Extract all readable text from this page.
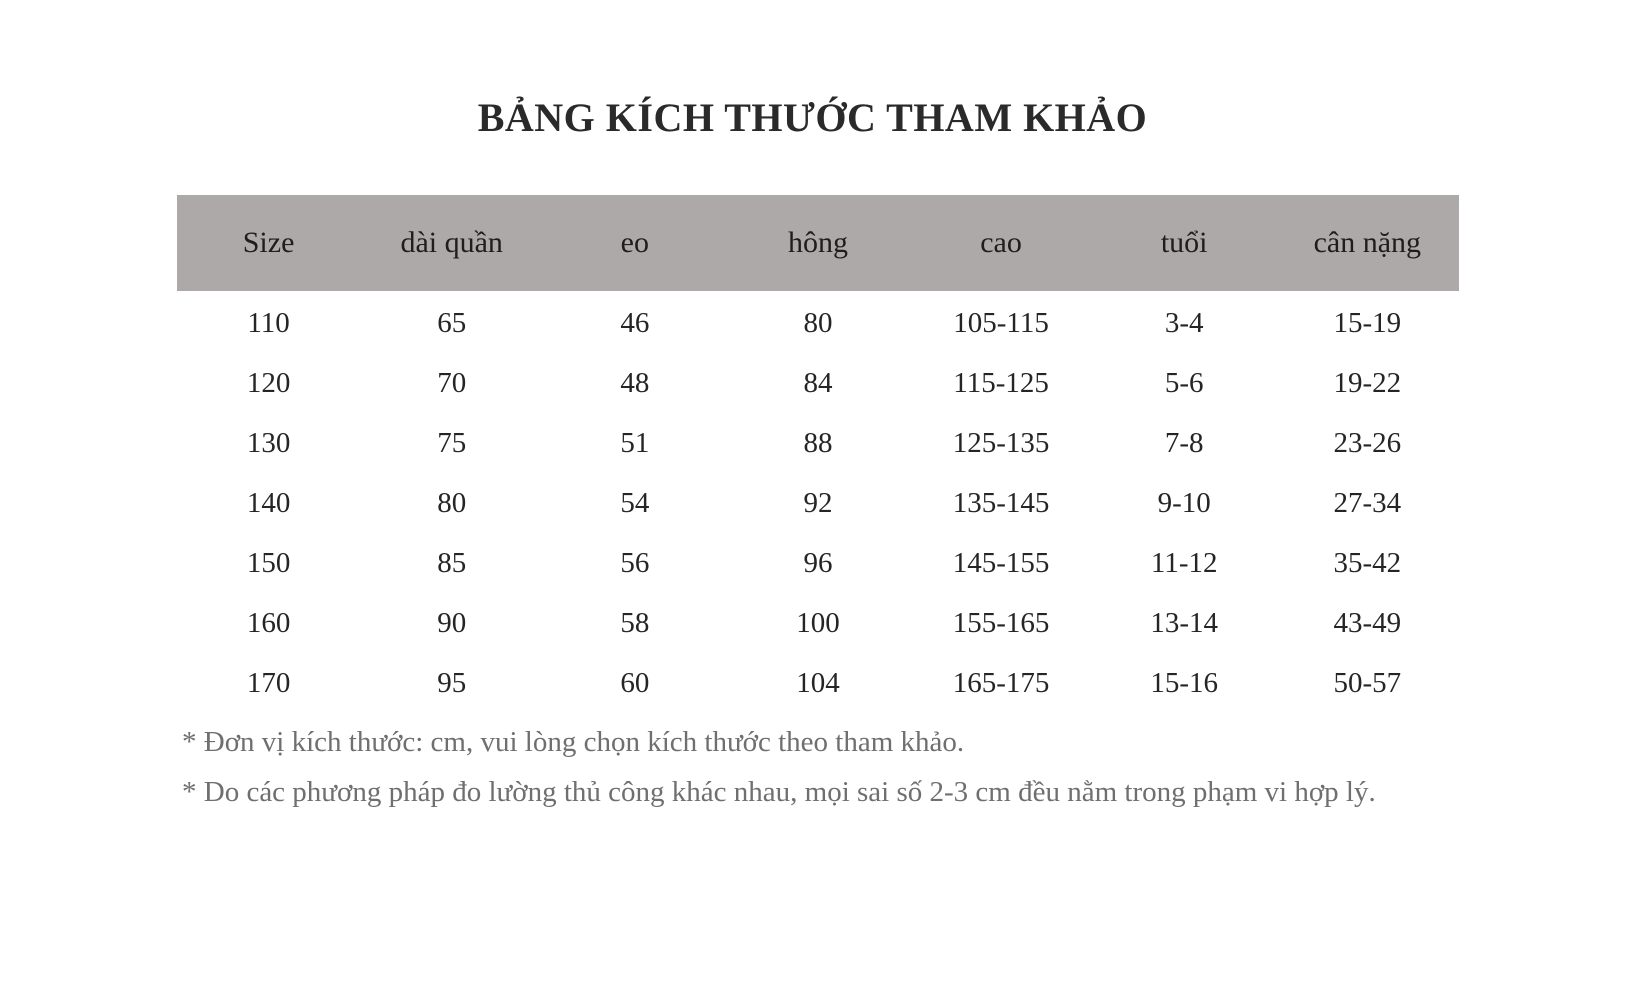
BẢNG KÍCH THƯỚC THAM KHẢO
Size	dài quần	eo	hông	cao	tuổi	cân nặng
110	65	46	80	105-115	3-4	15-19
120	70	48	84	115-125	5-6	19-22
130	75	51	88	125-135	7-8	23-26
140	80	54	92	135-145	9-10	27-34
150	85	56	96	145-155	11-12	35-42
160	90	58	100	155-165	13-14	43-49
170	95	60	104	165-175	15-16	50-57
* Đơn vị kích thước: cm, vui lòng chọn kích thước theo tham khảo.
* Do các phương pháp đo lường thủ công khác nhau, mọi sai số 2-3 cm đều nằm trong phạm vi hợp lý.
